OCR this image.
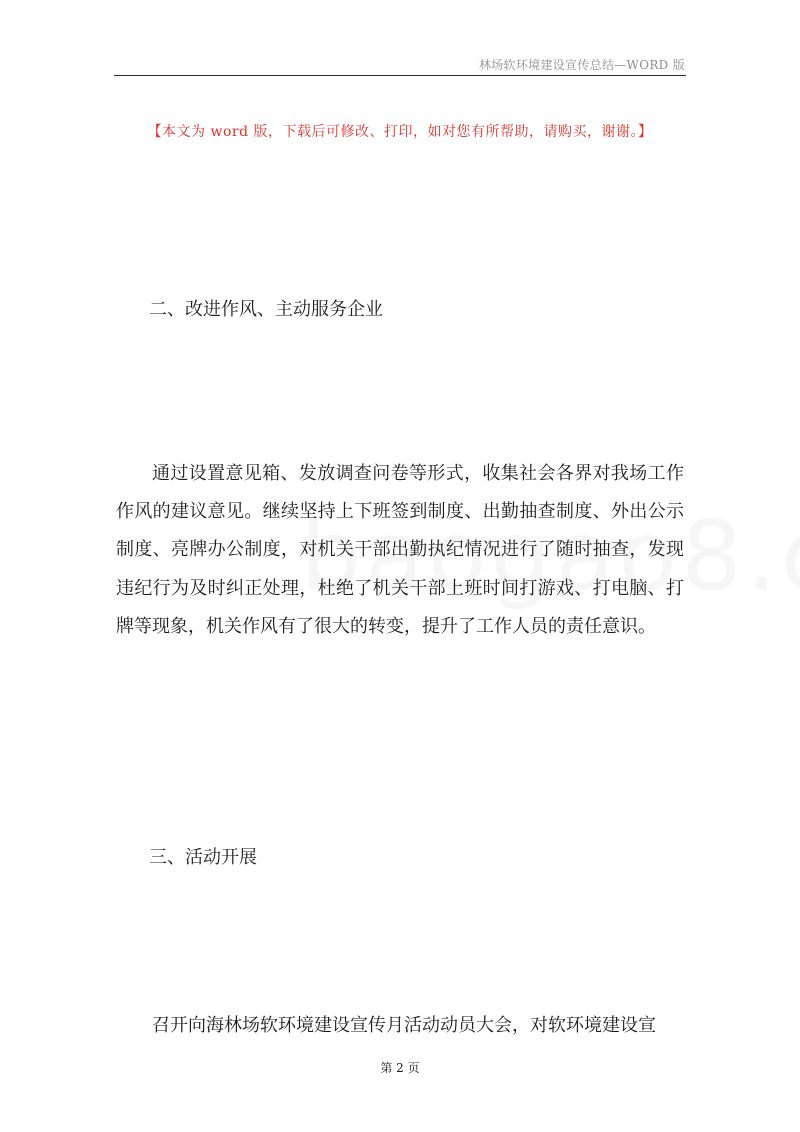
林场软环境建设宣传总结—WORD 版
【本文为 word 版，下载后可修改、打印，如对您有所帮助，请购买，谢谢。】
二、改进作风、主动服务企业
通过设置意见箱、发放调查问卷等形式，收集社会各界对我场工作作风的建议意见。继续坚持上下班签到制度、出勤抽查制度、外出公示制度、亮牌办公制度，对机关干部出勤执纪情况进行了随时抽查，发现违纪行为及时纠正处理，杜绝了机关干部上班时间打游戏、打电脑、打牌等现象，机关作风有了很大的转变，提升了工作人员的责任意识。
三、活动开展
召开向海林场软环境建设宣传月活动动员大会，对软环境建设宣
第 2 页
